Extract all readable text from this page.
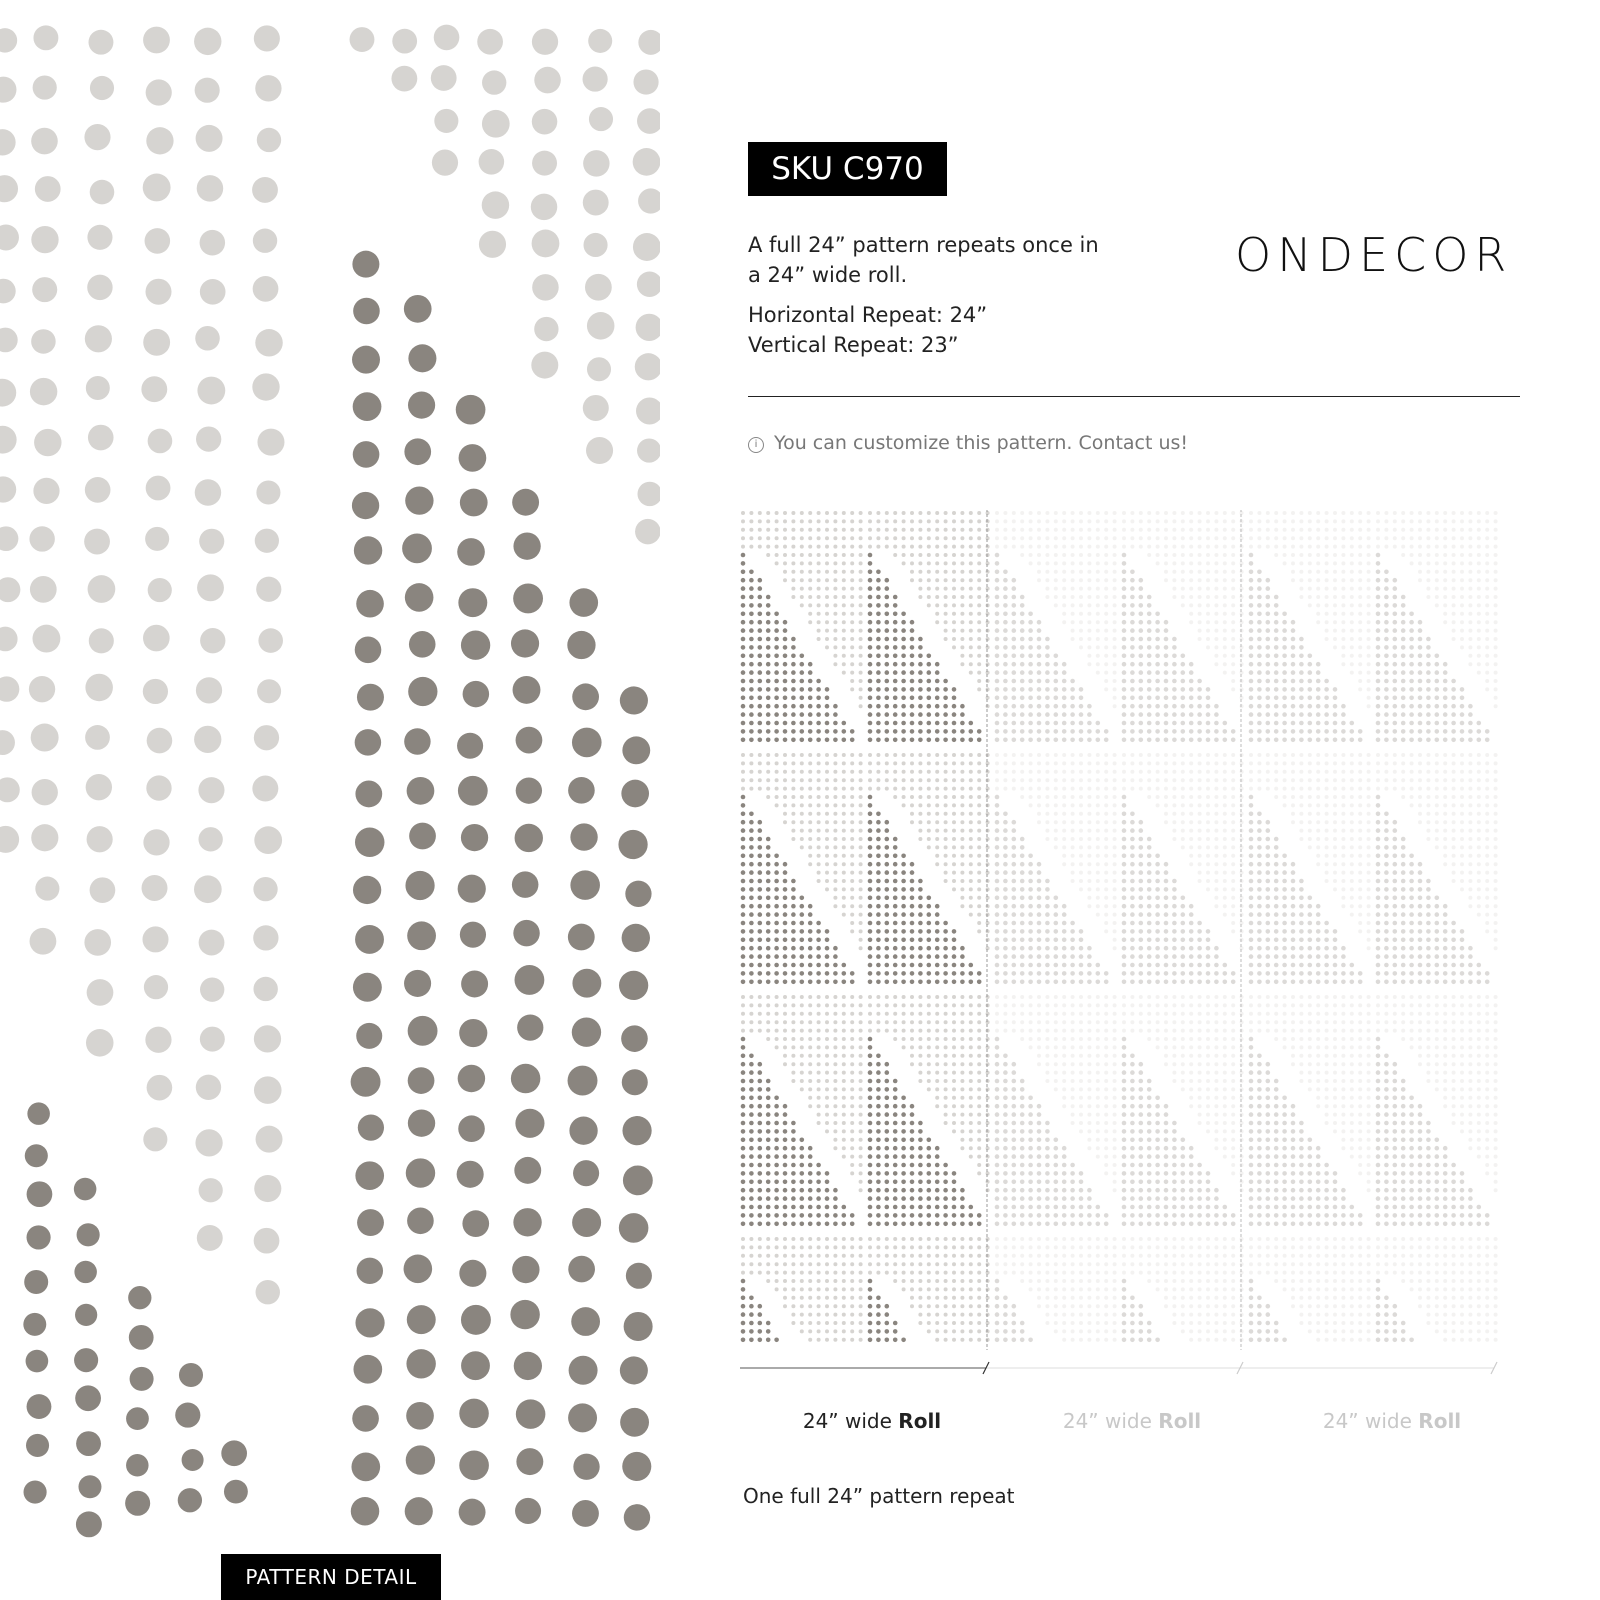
PATTERN DETAIL
SKU C970
ONDECOR
A full 24” pattern repeats once in a 24” wide roll.
Horizontal Repeat: 24”
Vertical Repeat: 23”
i You can customize this pattern. Contact us!
24” wide Roll	24” wide Roll	24” wide Roll
One full 24” pattern repeat
